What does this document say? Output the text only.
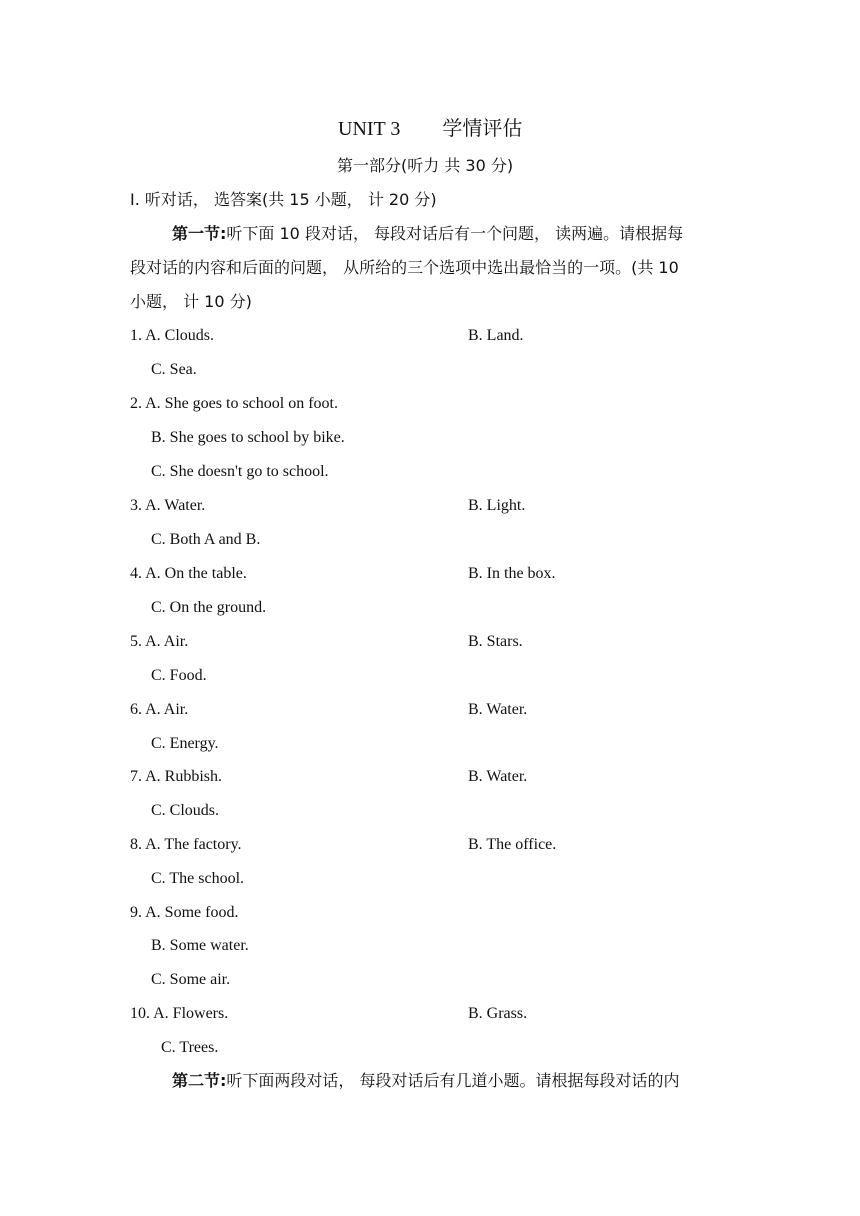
UNIT 3 学情评估
第一部分(听力 共 30 分)
Ⅰ. 听对话， 选答案(共 15 小题， 计 20 分)
第一节:听下面 10 段对话， 每段对话后有一个问题， 读两遍。请根据每
段对话的内容和后面的问题， 从所给的三个选项中选出最恰当的一项。(共 10
小题， 计 10 分)
1. A. Clouds.	B. Land.
C. Sea.
2. A. She goes to school on foot.
B. She goes to school by bike.
C. She doesn't go to school.
3. A. Water.	B. Light.
C. Both A and B.
4. A. On the table.	B. In the box.
C. On the ground.
5. A. Air.	B. Stars.
C. Food.
6. A. Air.	B. Water.
C. Energy.
7. A. Rubbish.	B. Water.
C. Clouds.
8. A. The factory.	B. The office.
C. The school.
9. A. Some food.
B. Some water.
C. Some air.
10. A. Flowers.	B. Grass.
C. Trees.
第二节:听下面两段对话， 每段对话后有几道小题。请根据每段对话的内
